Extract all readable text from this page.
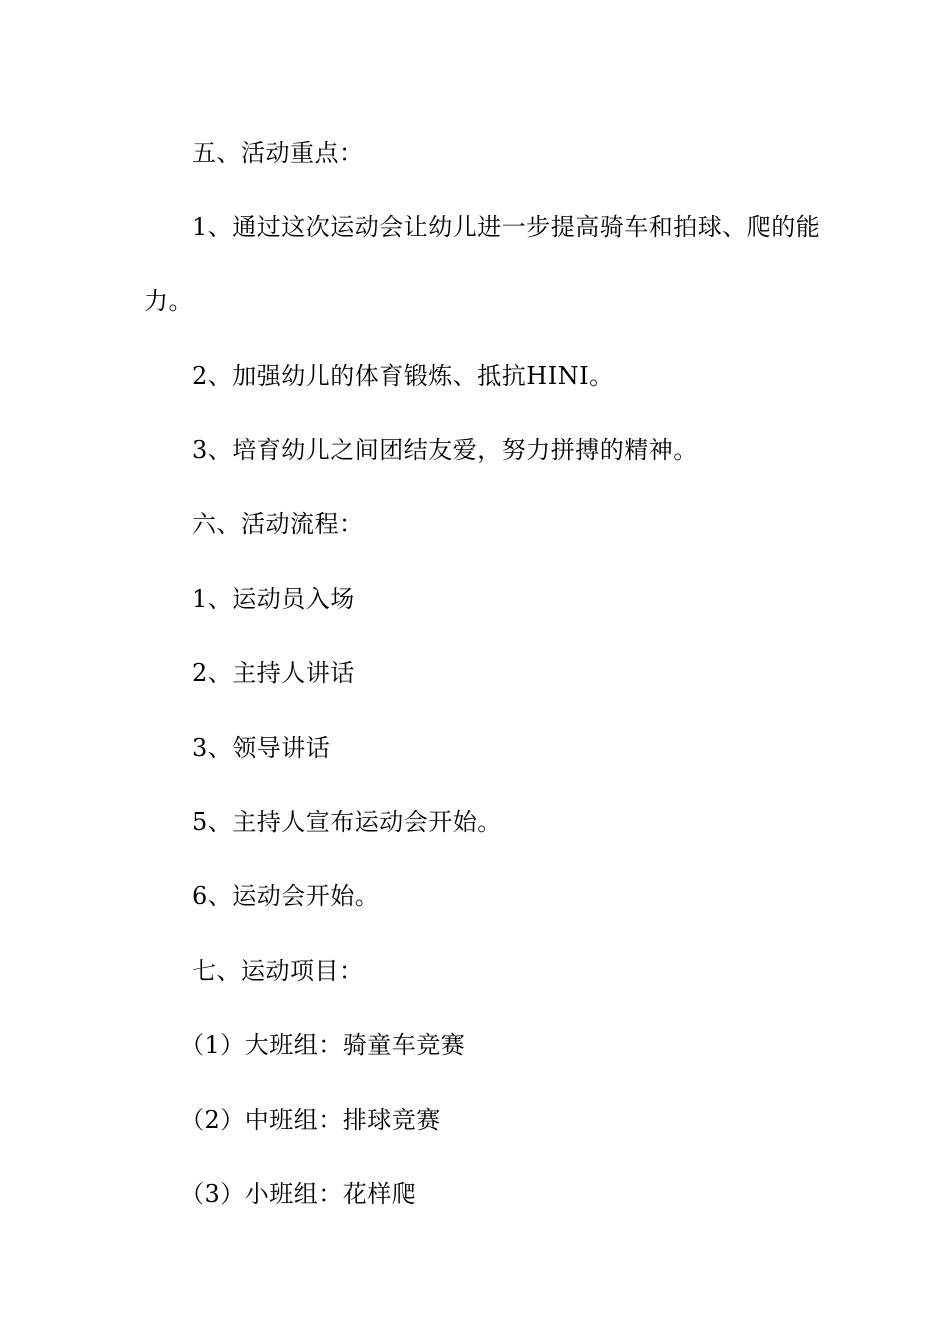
五、活动重点：
1、通过这次运动会让幼儿进一步提高骑车和拍球、爬的能
力。
2、加强幼儿的体育锻炼、抵抗HINI。
3、培育幼儿之间团结友爱，努力拼搏的精神。
六、活动流程：
1、运动员入场
2、主持人讲话
3、领导讲话
5、主持人宣布运动会开始。
6、运动会开始。
七、运动项目：
（1）大班组：骑童车竞赛
（2）中班组：排球竞赛
（3）小班组：花样爬
